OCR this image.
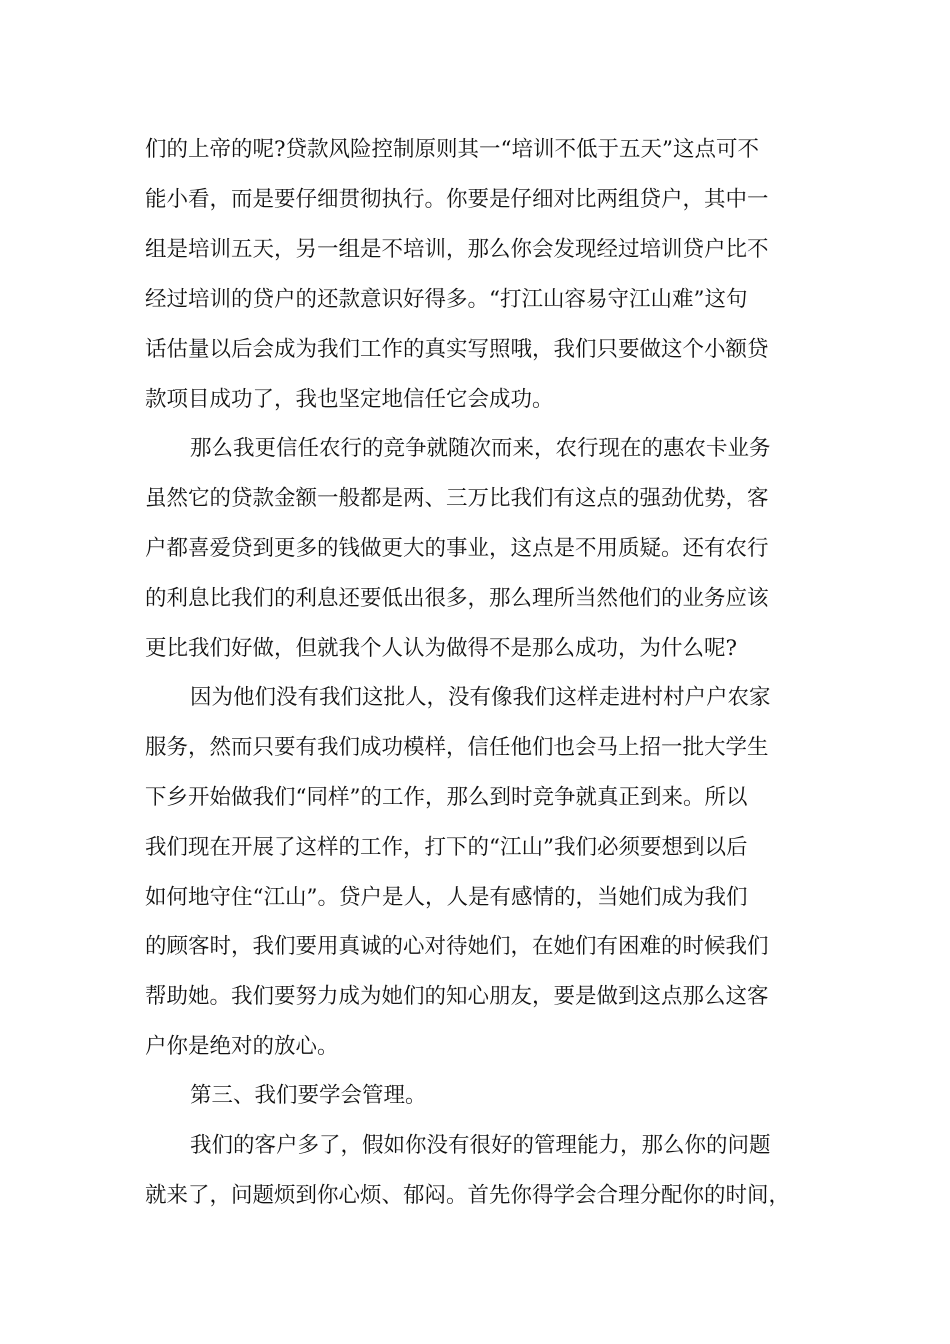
们的上帝的呢?贷款风险控制原则其一“培训不低于五天”这点可不
能小看，而是要仔细贯彻执行。你要是仔细对比两组贷户，其中一
组是培训五天，另一组是不培训，那么你会发现经过培训贷户比不
经过培训的贷户的还款意识好得多。“打江山容易守江山难”这句
话估量以后会成为我们工作的真实写照哦，我们只要做这个小额贷
款项目成功了，我也坚定地信任它会成功。
那么我更信任农行的竞争就随次而来，农行现在的惠农卡业务
虽然它的贷款金额一般都是两、三万比我们有这点的强劲优势，客
户都喜爱贷到更多的钱做更大的事业，这点是不用质疑。还有农行
的利息比我们的利息还要低出很多，那么理所当然他们的业务应该
更比我们好做，但就我个人认为做得不是那么成功，为什么呢?
因为他们没有我们这批人，没有像我们这样走进村村户户农家
服务，然而只要有我们成功模样，信任他们也会马上招一批大学生
下乡开始做我们“同样”的工作，那么到时竞争就真正到来。所以
我们现在开展了这样的工作，打下的“江山”我们必须要想到以后
如何地守住“江山”。贷户是人，人是有感情的，当她们成为我们
的顾客时，我们要用真诚的心对待她们，在她们有困难的时候我们
帮助她。我们要努力成为她们的知心朋友，要是做到这点那么这客
户你是绝对的放心。
第三、我们要学会管理。
我们的客户多了，假如你没有很好的管理能力，那么你的问题
就来了，问题烦到你心烦、郁闷。首先你得学会合理分配你的时间，
